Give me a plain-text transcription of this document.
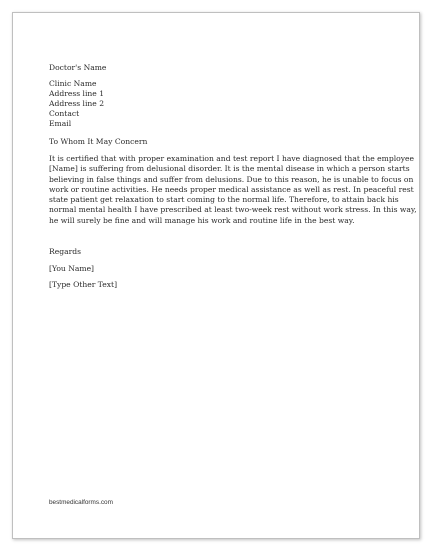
Doctor's Name
Clinic Name
Address line 1
Address line 2
Contact
Email
To Whom It May Concern
It is certified that with proper examination and test report I have diagnosed that the employee
[Name] is suffering from delusional disorder. It is the mental disease in which a person starts
believing in false things and suffer from delusions. Due to this reason, he is unable to focus on
work or routine activities. He needs proper medical assistance as well as rest. In peaceful rest
state patient get relaxation to start coming to the normal life. Therefore, to attain back his
normal mental health I have prescribed at least two-week rest without work stress. In this way,
he will surely be fine and will manage his work and routine life in the best way.
Regards
[You Name]
[Type Other Text]
bestmedicalforms.com
